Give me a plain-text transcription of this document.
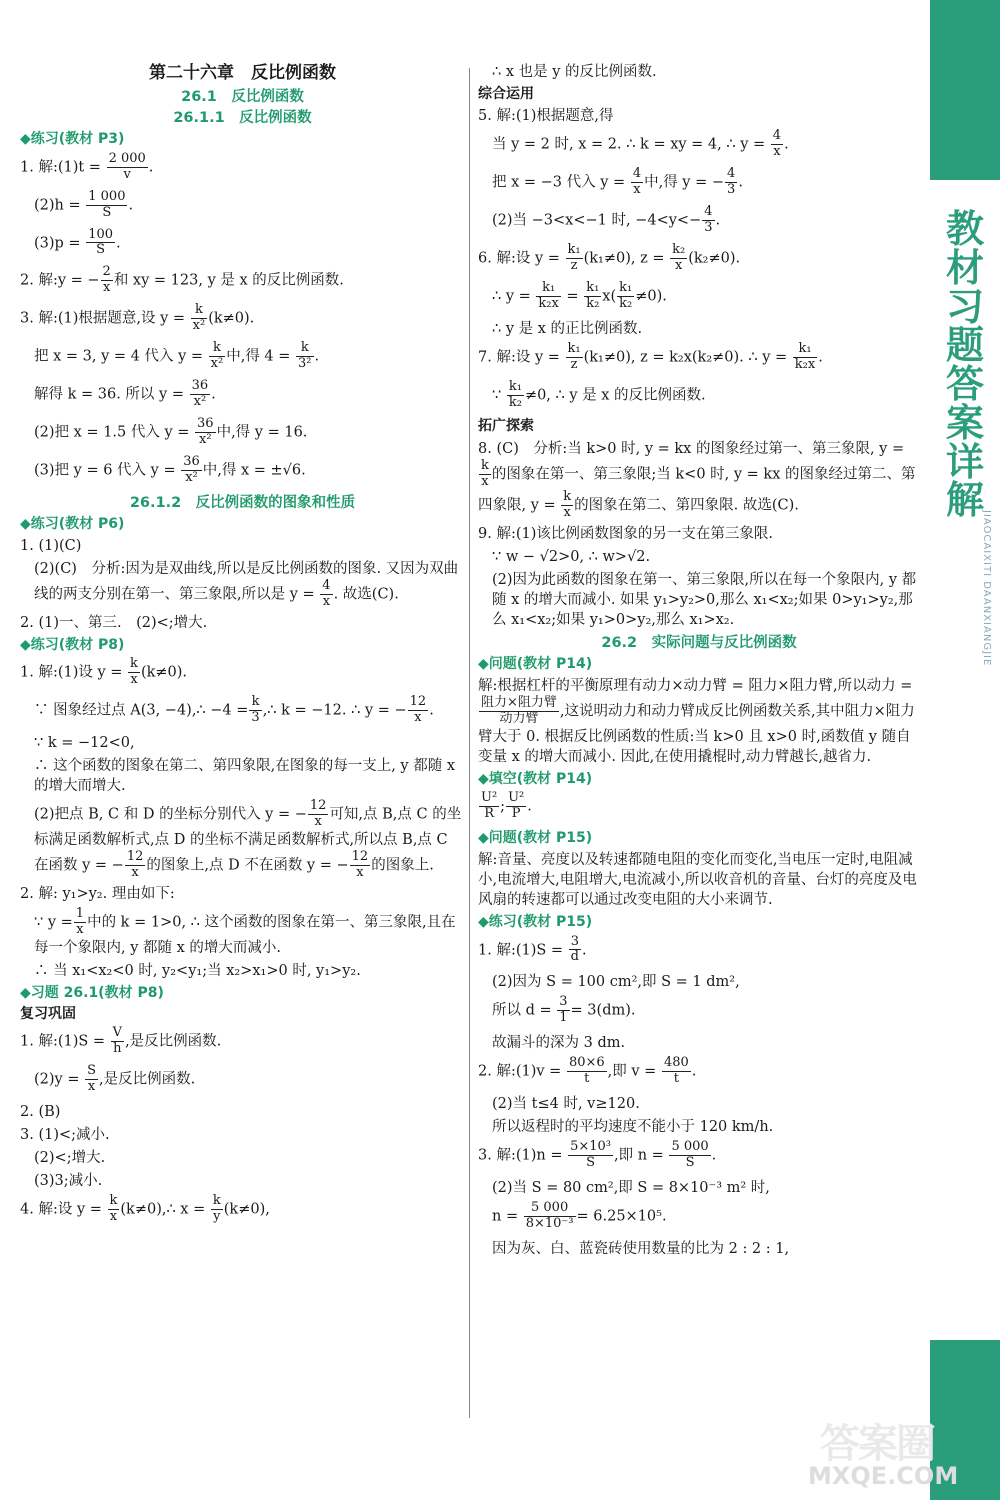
第二十六章　反比例函数
26.1　反比例函数
26.1.1　反比例函数
◆练习(教材 P3)
1. 解:(1)t = $\frac{2 000}{v}$ .
$(2)h = \frac{1 000}{S}$ .
$(3)p = \frac{100}{S}$ .
2. 解:y = − $\frac{2}{x}$ 和 xy = 123, y 是 x 的反比例函数.
3. 解:(1)根据题意,设 $y = \frac{k}{\text{x²}} (k\ne 0)$.
把 x = 3, y = 4 代入 $y = \frac{k}{\text{x²}}$ 中,得 $4 = \frac{k}{\text{3²}}$ .
解得 k = 36. 所以 $y = \frac{36}{\text{x²}}$ .
(2)把 x = 1.5 代入 $y = \frac{36}{\text{x²}}$ 中,得 y = 16.
(3)把 y = 6 代入 $y = \frac{36}{\text{x²}}$ 中,得 x = ±√6.
26.1.2　反比例函数的图象和性质
◆练习(教材 P6)
1. (1)(C)
(2)(C)　分析:因为是双曲线,所以是反比例函数的图象. 又因为双曲线的两支分别在第一、第三象限,所以是 $y = \frac{4}{x}$ . 故选(C).
2. (1)一、第三.　(2)<;增大.
◆练习(教材 P8)
1. 解:(1)设 $y = \frac{k}{x} (k\ne 0)$.
∵ 图象经过点 A(3, −4),∴ $-4 = \frac{k}{3}$ ,∴ k = −12. ∴ y = − $\frac{12}{x}$ .
∵ k = −12<0,
∴ 这个函数的图象在第二、第四象限,在图象的每一支上, y 都随 x 的增大而增大.
(2)把点 B, C 和 D 的坐标分别代入 y = − $\frac{12}{x}$ 可知,点 B,点 C 的坐标满足函数解析式,点 D 的坐标不满足函数解析式,所以点 B,点 C 在函数 y = − $\frac{12}{x}$ 的图象上,点 D 不在函数 y = − $\frac{12}{x}$ 的图象上.
2. 解: y₁>y₂. 理由如下:
∵ $y = \frac{1}{x}$ 中的 k = 1>0, ∴ 这个函数的图象在第一、第三象限,且在每一个象限内, y 都随 x 的增大而减小.
∴ 当 x₁<x₂<0 时, y₂<y₁;当 x₂>x₁>0 时, y₁>y₂.
◆习题 26.1(教材 P8)
复习巩固
1. 解:(1)S = $\frac{V}{h}$ ,是反比例函数.
$(2)y = \frac{S}{x}$ ,是反比例函数.
2. (B)
3. (1)<;减小.
(2)<;增大.
(3)3;减小.
4. 解:设 $y = \frac{k}{x}$ (k≠0),∴ $x = \frac{k}{y} (k\ne 0)$,
∴ x 也是 y 的反比例函数.
综合运用
5. 解:(1)根据题意,得
当 y = 2 时, x = 2. ∴ k = xy = 4, ∴ $y = \frac{4}{x}$ .
把 x = −3 代入 $y = \frac{4}{x}$ 中,得 y = − $\frac{4}{3}$ .
(2)当 −3<x<−1 时, $-4<y<- \frac{4}{3}$ .
6. 解:设 $y = \frac{\text{k₁}}{z} (k_1\ne 0)$, $z = \frac{\text{k₂}}{x} (k_2\ne 0)$.
∴ $y = \frac{\text{k₁}}{\text{k₂x}} = \frac{\text{k₁}}{\text{k₂}} x( \frac{\text{k₁}}{\text{k₂}} \ne 0)$.
∴ y 是 x 的正比例函数.
7. 解:设 $y = \frac{\text{k₁}}{z} (k_1\ne 0)$, z = k₂x(k₂≠0). ∴ $y = \frac{\text{k₁}}{\text{k₂x}}$ .
∵ $\frac{\text{k₁}}{\text{k₂}} \ne 0$, ∴ y 是 x 的反比例函数.
拓广探索
8. (C)　分析:当 k>0 时, y = kx 的图象经过第一、第三象限, y =
$\frac{k}{x}$ 的图象在第一、第三象限;当 k<0 时, y = kx 的图象经过第二、第四象限, $y = \frac{k}{x}$ 的图象在第二、第四象限. 故选(C).
9. 解:(1)该比例函数图象的另一支在第三象限.
∵ w − √2>0, ∴ w>√2.
(2)因为此函数的图象在第一、第三象限,所以在每一个象限内, y 都随 x 的增大而减小. 如果 y₁>y₂>0,那么 x₁<x₂;如果 0>y₁>y₂,那么 x₁<x₂;如果 y₁>0>y₂,那么 x₁>x₂.
26.2　实际问题与反比例函数
◆问题(教材 P14)
解:根据杠杆的平衡原理有动力×动力臂 = 阻力×阻力臂,所以动力 =
阻力×阻力臂
动力臂	,这说明动力和动力臂成反比例函数关系,其中阻力×阻力臂大于 0. 根据反比例函数的性质:当 k>0 且 x>0 时,函数值 y 随自变量 x 的增大而减小. 因此,在使用撬棍时,动力臂越长,越省力.
◆填空(教材 P14)
$\frac{\text{U²}}{R}$ ; $\frac{\text{U²}}{P}$ .
◆问题(教材 P15)
解:音量、亮度以及转速都随电阻的变化而变化,当电压一定时,电阻减小,电流增大,电阻增大,电流减小,所以收音机的音量、台灯的亮度及电风扇的转速都可以通过改变电阻的大小来调节.
◆练习(教材 P15)
1. 解:(1)S = $\frac{3}{d}$ .
(2)因为 S = 100 cm²,即 S = 1 dm²,
所以 $d = \frac{3}{1} = 3(dm)$.
故漏斗的深为 3 dm.
2. 解:(1)v = $\frac{80\times 6}{t}$ ,即 $v = \frac{480}{t}$ .
(2)当 t≤4 时, v≥120.
所以返程时的平均速度不能小于 120 km/h.
3. 解:(1)n = $\frac{\text{5×10³}}{S}$ ,即 $n = \frac{5 000}{S}$ .
(2)当 S = 80 cm²,即 S = 8×10⁻³ m² 时,
$n = \frac{5 000}{\text{8×10⁻³}} = 6.25\times 10^5$.
因为灰、白、蓝瓷砖使用数量的比为 2 : 2 : 1,
教材习题答案详解
JIAOCAIXITI DAANXIANGJIE
答案圈
MXQE.COM
